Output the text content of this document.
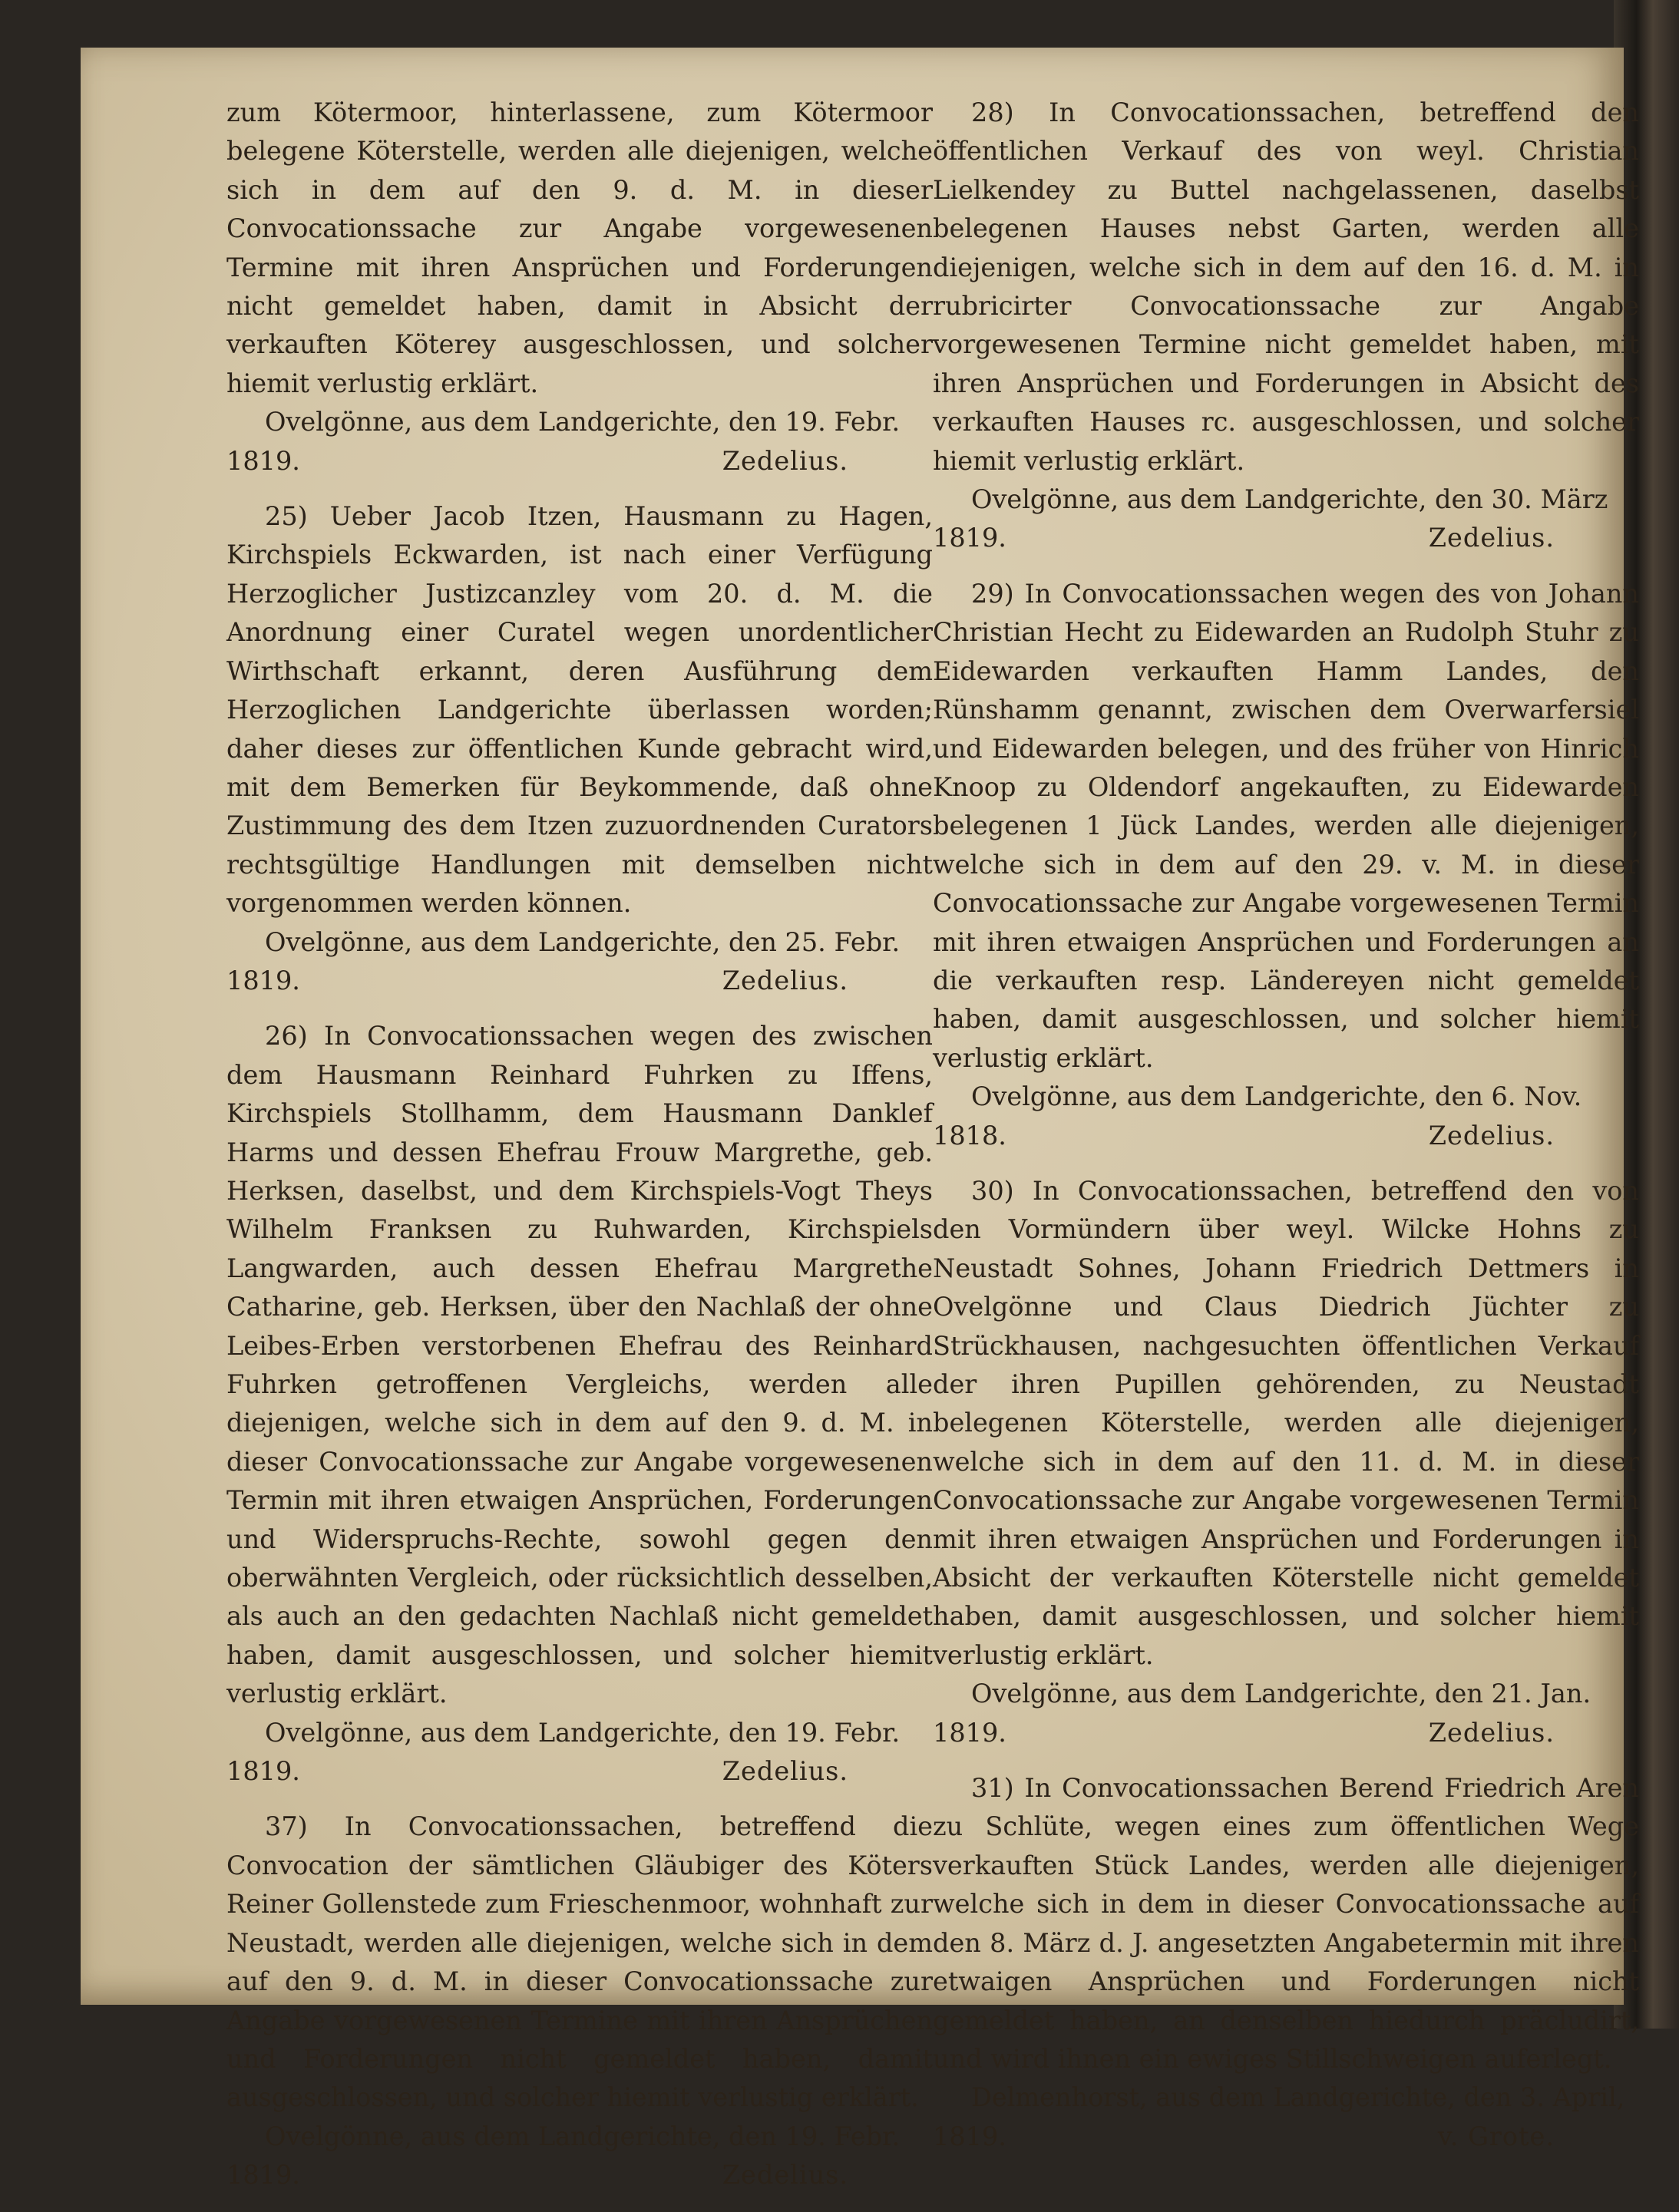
zum Kötermoor, hinterlassene, zum Kötermoor belegene Köterstelle, werden alle diejenigen, welche sich in dem auf den 9. d. M. in dieser Convocationssache zur Angabe vorgewesenen Termine mit ihren Ansprüchen und Forderungen nicht gemeldet haben, damit in Absicht der verkauften Köterey ausgeschlossen, und solcher hiemit verlustig erklärt.

Ovelgönne, aus dem Landgerichte, den 19. Febr.

1819.	Zedelius.

25) Ueber Jacob Itzen, Hausmann zu Hagen, Kirchspiels Eckwarden, ist nach einer Verfügung Herzoglicher Justizcanzley vom 20. d. M. die Anordnung einer Curatel wegen unordentlicher Wirthschaft erkannt, deren Ausführung dem Herzoglichen Landgerichte überlassen worden; daher dieses zur öffentlichen Kunde gebracht wird, mit dem Bemerken für Beykommende, daß ohne Zustimmung des dem Itzen zuzuordnenden Curators rechtsgültige Handlungen mit demselben nicht vorgenommen werden können.

Ovelgönne, aus dem Landgerichte, den 25. Febr.

1819.	Zedelius.

26) In Convocationssachen wegen des zwischen dem Hausmann Reinhard Fuhrken zu Iffens, Kirchspiels Stollhamm, dem Hausmann Danklef Harms und dessen Ehefrau Frouw Margrethe, geb. Herksen, daselbst, und dem Kirchspiels-Vogt Theys Wilhelm Franksen zu Ruhwarden, Kirchspiels Langwarden, auch dessen Ehefrau Margrethe Catharine, geb. Herksen, über den Nachlaß der ohne Leibes-Erben verstorbenen Ehefrau des Reinhard Fuhrken getroffenen Vergleichs, werden alle diejenigen, welche sich in dem auf den 9. d. M. in dieser Convocationssache zur Angabe vorgewesenen Termin mit ihren etwaigen Ansprüchen, Forderungen und Widerspruchs-Rechte, sowohl gegen den oberwähnten Vergleich, oder rücksichtlich desselben, als auch an den gedachten Nachlaß nicht gemeldet haben, damit ausgeschlossen, und solcher hiemit verlustig erklärt.

Ovelgönne, aus dem Landgerichte, den 19. Febr.

1819.	Zedelius.

37) In Convocationssachen, betreffend die Convocation der sämtlichen Gläubiger des Köters Reiner Gollenstede zum Frieschenmoor, wohnhaft zur Neustadt, werden alle diejenigen, welche sich in dem auf den 9. d. M. in dieser Convocationssache zur Angabe vorgewesenen Termine mit ihren Ansprüchen und Forderungen nicht gemeldet haben, damit ausgeschlossen, und solcher hiemit verlustig erklärt.

Ovelgönne, aus dem Landgerichte, den 19. Febr.

1819.	Zedelius.

28) In Convocationssachen, betreffend den öffentlichen Verkauf des von weyl. Christian Lielkendey zu Buttel nachgelassenen, daselbst belegenen Hauses nebst Garten, werden alle diejenigen, welche sich in dem auf den 16. d. M. in rubricirter Convocationssache zur Angabe vorgewesenen Termine nicht gemeldet haben, mit ihren Ansprüchen und Forderungen in Absicht des verkauften Hauses rc. ausgeschlossen, und solcher hiemit verlustig erklärt.

Ovelgönne, aus dem Landgerichte, den 30. März

1819.	Zedelius.

29) In Convocationssachen wegen des von Johann Christian Hecht zu Eidewarden an Rudolph Stuhr zu Eidewarden verkauften Hamm Landes, den Rünshamm genannt, zwischen dem Overwarfersiel und Eidewarden belegen, und des früher von Hinrich Knoop zu Oldendorf angekauften, zu Eidewarden belegenen 1 Jück Landes, werden alle diejenigen, welche sich in dem auf den 29. v. M. in dieser Convocationssache zur Angabe vorgewesenen Termin mit ihren etwaigen Ansprüchen und Forderungen an die verkauften resp. Ländereyen nicht gemeldet haben, damit ausgeschlossen, und solcher hiemit verlustig erklärt.

Ovelgönne, aus dem Landgerichte, den 6. Nov.

1818.	Zedelius.

30) In Convocationssachen, betreffend den von den Vormündern über weyl. Wilcke Hohns zu Neustadt Sohnes, Johann Friedrich Dettmers in Ovelgönne und Claus Diedrich Jüchter zu Strückhausen, nachgesuchten öffentlichen Verkauf der ihren Pupillen gehörenden, zu Neustadt belegenen Köterstelle, werden alle diejenigen, welche sich in dem auf den 11. d. M. in dieser Convocationssache zur Angabe vorgewesenen Termin mit ihren etwaigen Ansprüchen und Forderungen in Absicht der verkauften Köterstelle nicht gemeldet haben, damit ausgeschlossen, und solcher hiemit verlustig erklärt.

Ovelgönne, aus dem Landgerichte, den 21. Jan.

1819.	Zedelius.

31) In Convocationssachen Berend Friedrich Aren zu Schlüte, wegen eines zum öffentlichen Wege verkauften Stück Landes, werden alle diejenigen, welche sich in dem in dieser Convocationssache auf den 8. März d. J. angesetzten Angabetermin mit ihren etwaigen Ansprüchen und Forderungen nicht gemeldet haben, an denselben hiedurch präcludirt, und wird ihnen ein ewiges Stillschweigen auferlegt.

Delmenhorst, aus dem Landgerichte, den 3. April,

1819.	v. Grote.
